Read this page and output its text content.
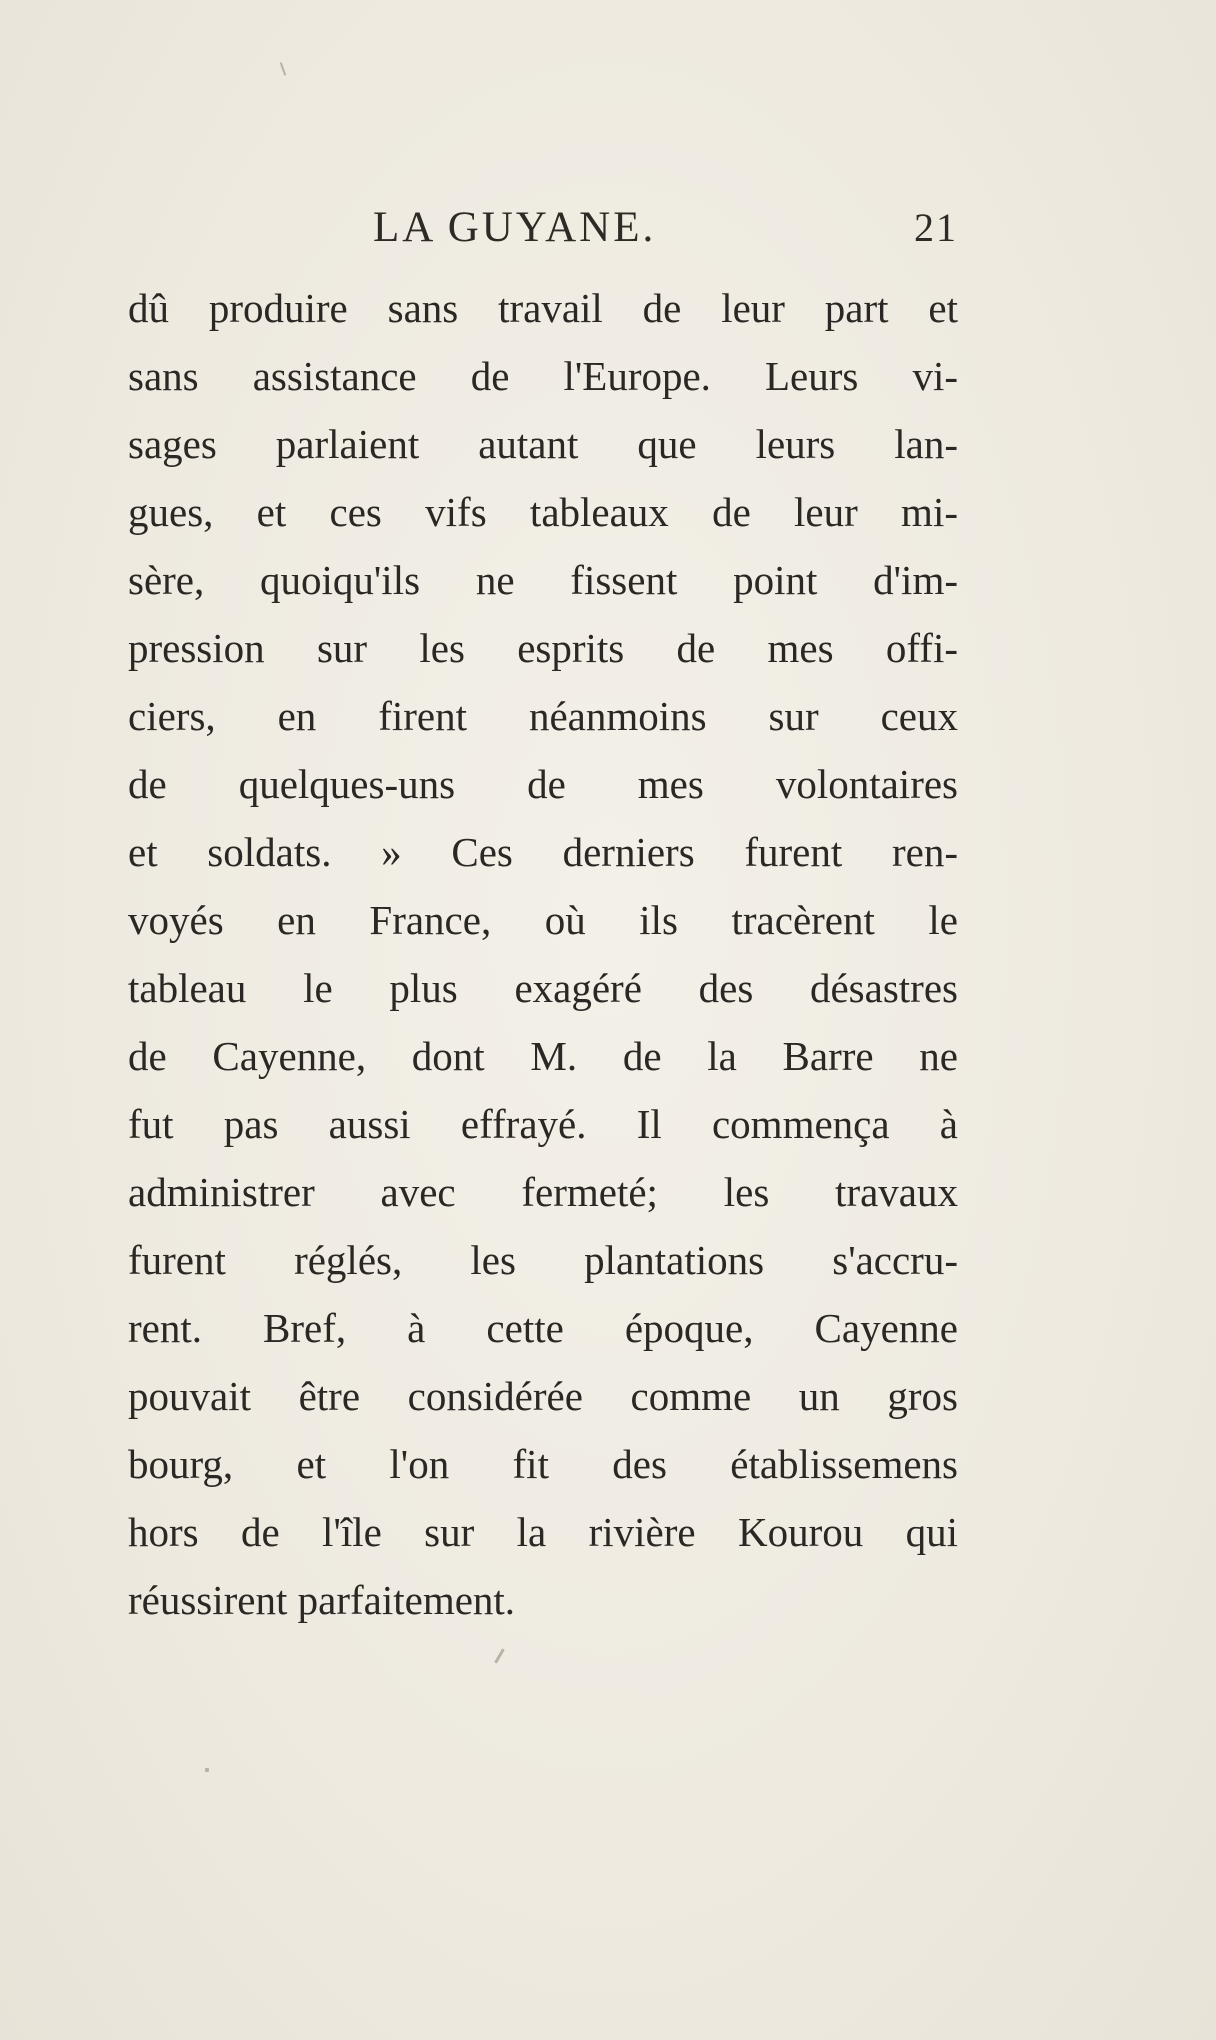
LA GUYANE.	21
dû produire sans travail de leur part et
sans assistance de l'Europe. Leurs vi-
sages parlaient autant que leurs lan-
gues, et ces vifs tableaux de leur mi-
sère, quoiqu'ils ne fissent point d'im-
pression sur les esprits de mes offi-
ciers, en firent néanmoins sur ceux
de quelques-uns de mes volontaires
et soldats. » Ces derniers furent ren-
voyés en France, où ils tracèrent le
tableau le plus exagéré des désastres
de Cayenne, dont M. de la Barre ne
fut pas aussi effrayé. Il commença à
administrer avec fermeté; les travaux
furent réglés, les plantations s'accru-
rent. Bref, à cette époque, Cayenne
pouvait être considérée comme un gros
bourg, et l'on fit des établissemens
hors de l'île sur la rivière Kourou qui
réussirent parfaitement.
